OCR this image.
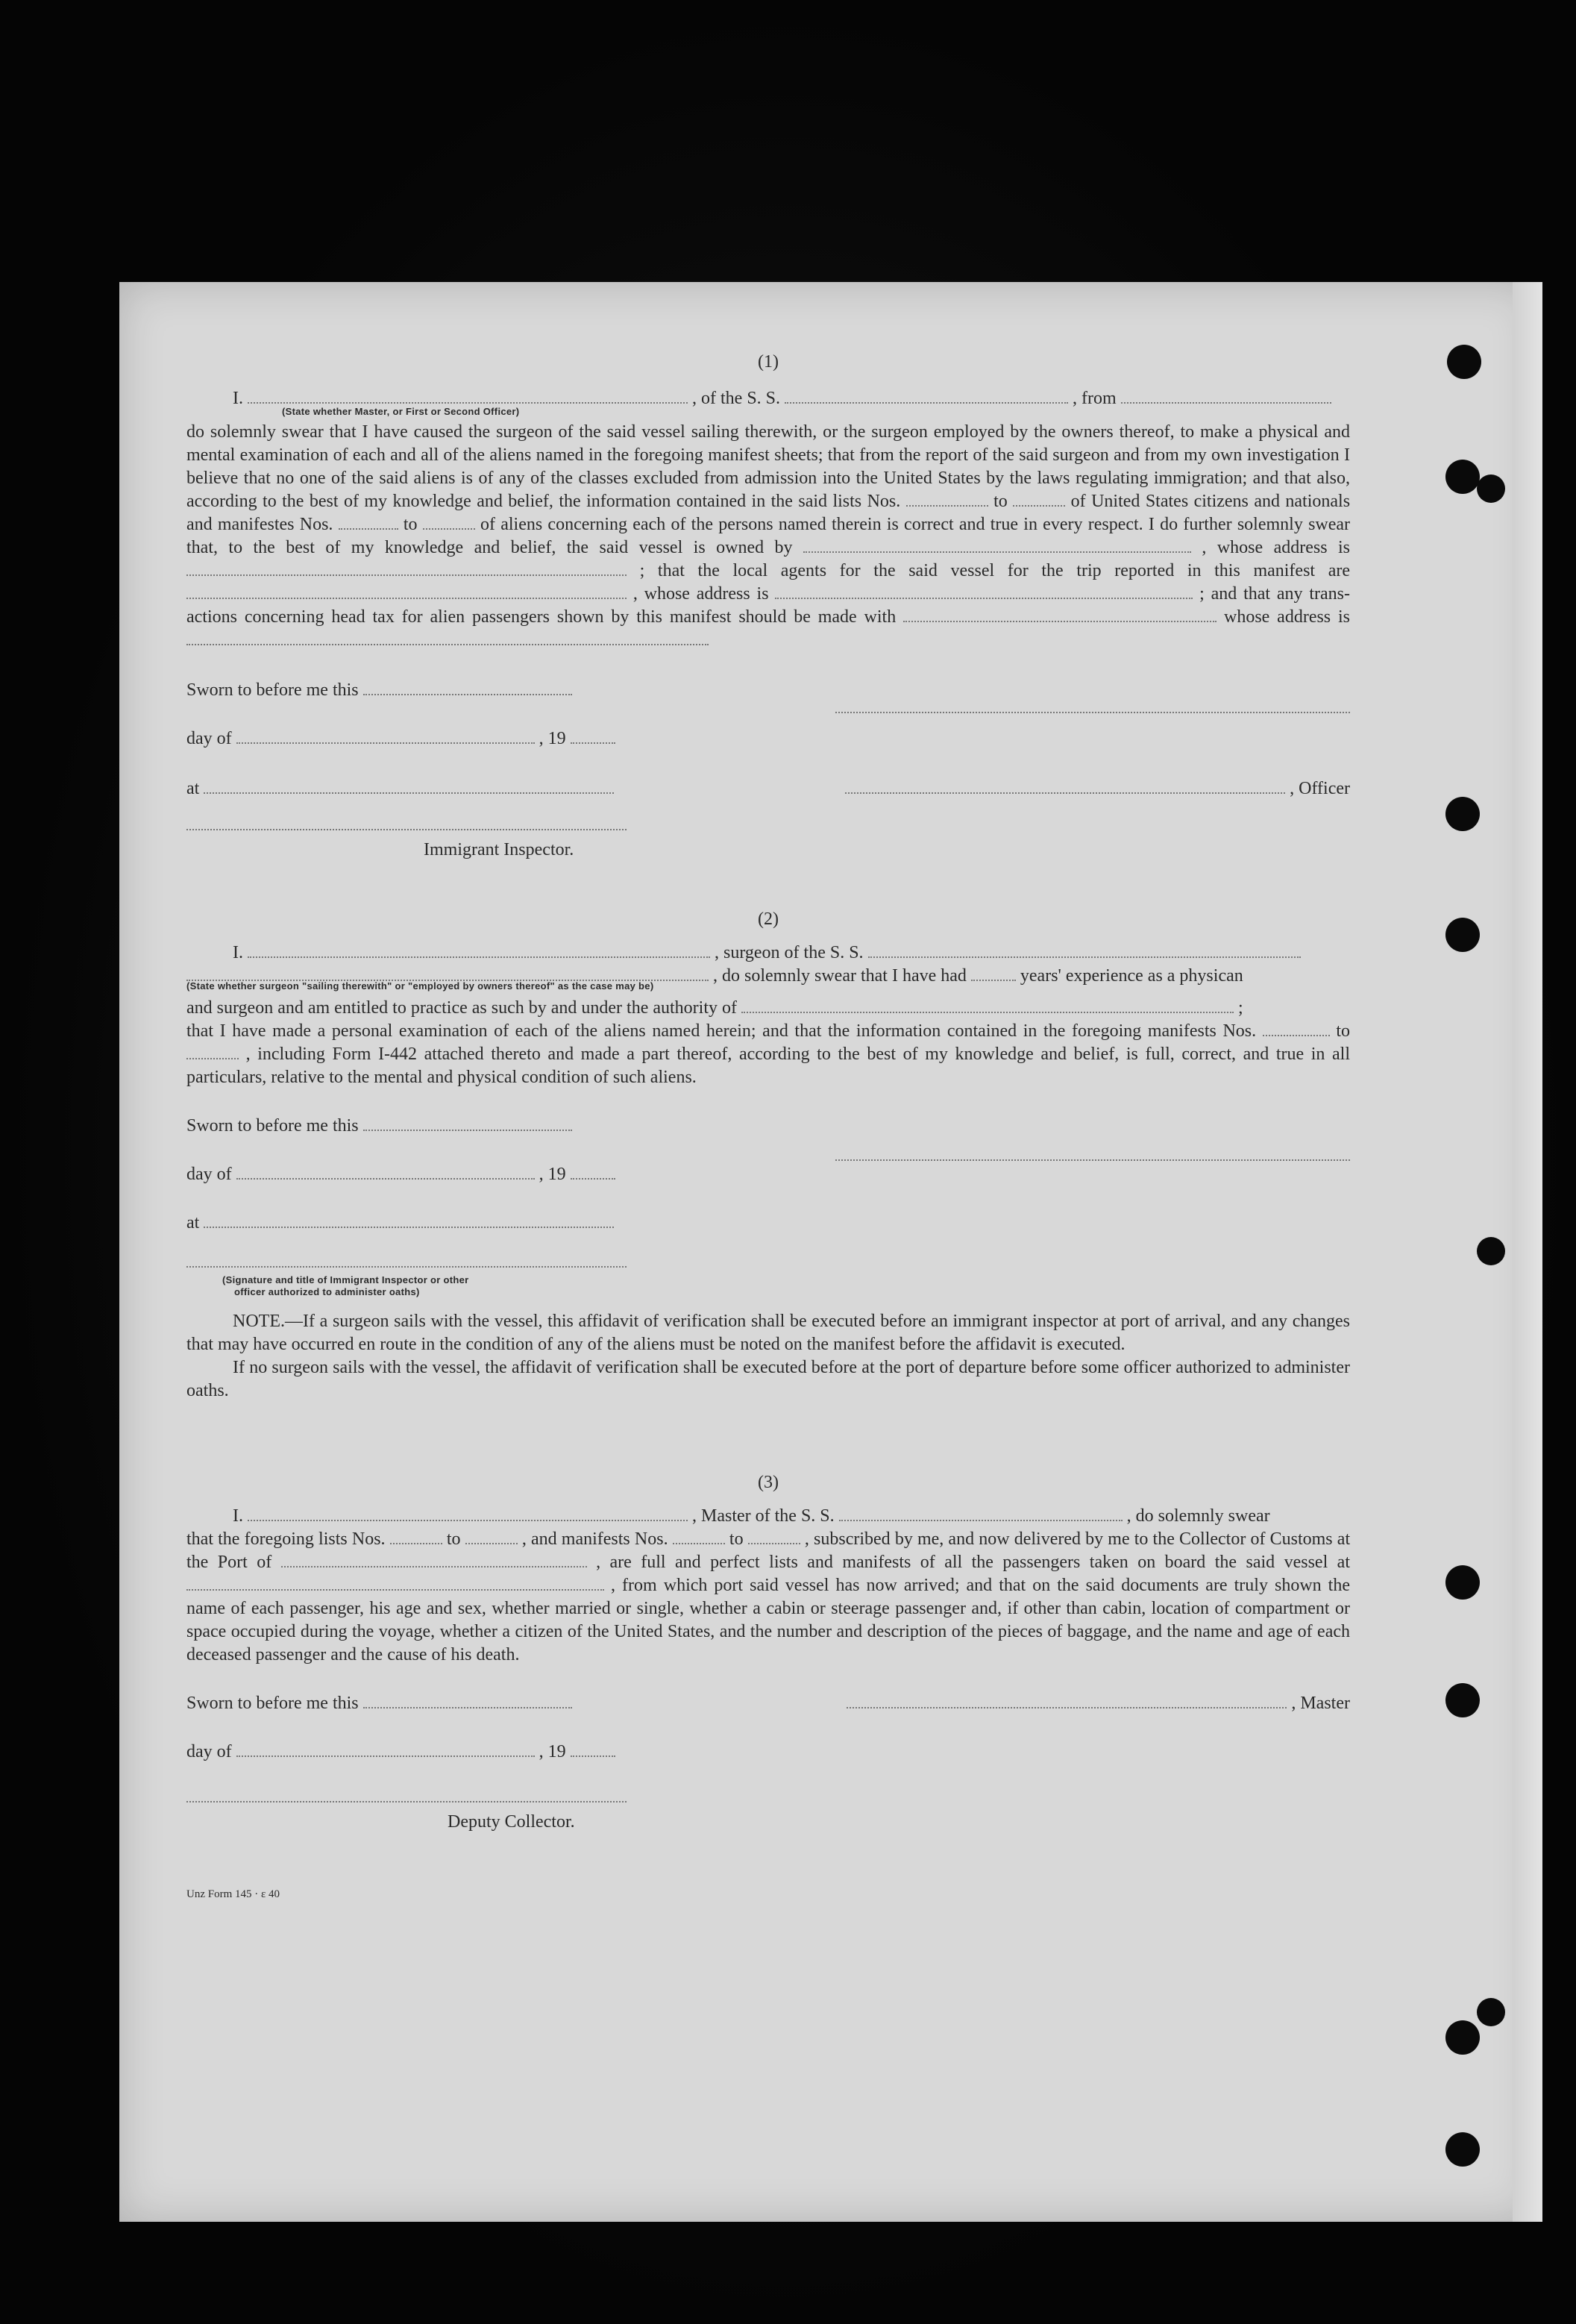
(1)

I.	, of the S. S.	, from
(State whether Master, or First or Second Officer)

do solemnly swear that I have caused the surgeon of the said vessel sailing therewith, or the surgeon employed by the owners thereof, to make a physical and mental examination of each and all of the aliens named in the foregoing manifest sheets; that from the report of the said surgeon and from my own investigation I believe that no one of the said aliens is of any of the classes excluded from admission into the United States by the laws regulating immigration; and that also, according to the best of my knowledge and belief, the information contained in the said lists Nos.	to	of United States citizens and nationals and manifestes Nos.	to	of aliens concerning each of the persons named therein is correct and true in every respect. I do further solemnly swear that, to the best of my knowledge and belief, the said vessel is owned by	, whose address is  ; that the local agents for the said vessel for the trip reported in this manifest are  , whose address is	; and that any trans- actions concerning head tax for alien passengers shown by this manifest should be made with	whose address is

Sworn to before me this
day of	, 19
at	, Officer
Immigrant Inspector.

(2)

I.	, surgeon of the S. S.
, do solemnly swear that I have had	years' experience as a physican
(State whether surgeon "sailing therewith" or "employed by owners thereof" as the case may be)
and surgeon and am entitled to practice as such by and under the authority of	;

that I have made a personal examination of each of the aliens named herein; and that the information contained in the foregoing manifests Nos.	to  , including Form I-442 attached thereto and made a part thereof, according to the best of my knowledge and belief, is full, correct, and true in all particulars, relative to the mental and physical condition of such aliens.

Sworn to before me this
day of	, 19
at
(Signature and title of Immigrant Inspector or other
officer authorized to administer oaths)

NOTE.—If a surgeon sails with the vessel, this affidavit of verification shall be executed before an immigrant inspector at port of arrival, and any changes that may have occurred en route in the condition of any of the aliens must be noted on the manifest before the affidavit is executed.

If no surgeon sails with the vessel, the affidavit of verification shall be executed before at the port of departure before some officer authorized to administer oaths.

(3)

I.	, Master of the S. S.	, do solemnly swear

that the foregoing lists Nos.	to	, and manifests Nos.	to	, subscribed by me, and now delivered by me to the Collector of Customs at the Port of	, are full and perfect lists and manifests of all the passengers taken on board the said vessel at  , from which port said vessel has now arrived; and that on the said documents are truly shown the name of each passenger, his age and sex, whether married or single, whether a cabin or steerage passenger and, if other than cabin, location of compartment or space occupied during the voyage, whether a citizen of the United States, and the number and description of the pieces of baggage, and the name and age of each deceased passenger and the cause of his death.

Sworn to before me this	, Master
day of	, 19
Deputy Collector.
Unz Form 145 · ε 40
